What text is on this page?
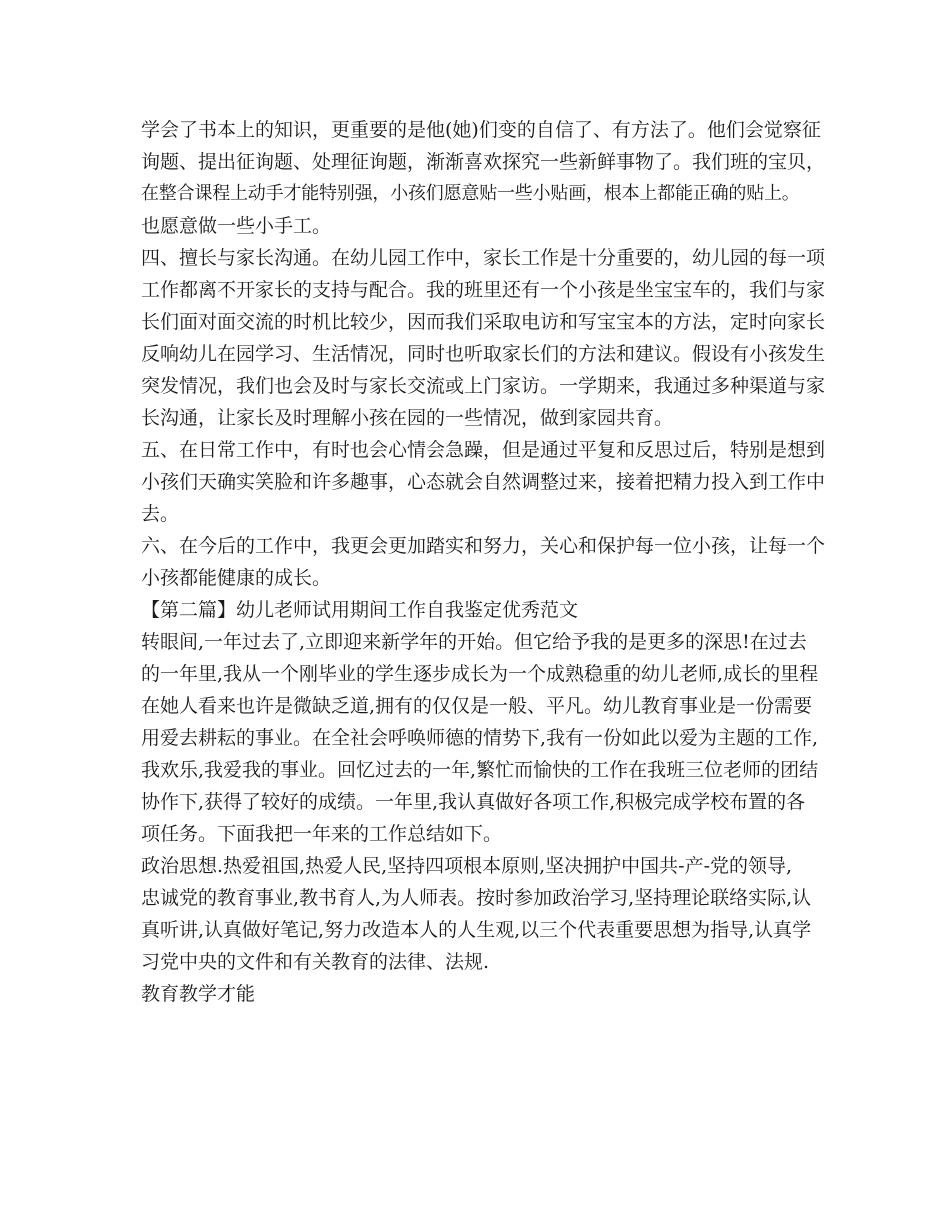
学会了书本上的知识，更重要的是他(她)们变的自信了、有方法了。他们会觉察征
询题、提出征询题、处理征询题，渐渐喜欢探究一些新鲜事物了。我们班的宝贝，
在整合课程上动手才能特别强，小孩们愿意贴一些小贴画，根本上都能正确的贴上。
也愿意做一些小手工。
四、擅长与家长沟通。在幼儿园工作中，家长工作是十分重要的，幼儿园的每一项
工作都离不开家长的支持与配合。我的班里还有一个小孩是坐宝宝车的，我们与家
长们面对面交流的时机比较少，因而我们采取电访和写宝宝本的方法，定时向家长
反响幼儿在园学习、生活情况，同时也听取家长们的方法和建议。假设有小孩发生
突发情况，我们也会及时与家长交流或上门家访。一学期来，我通过多种渠道与家
长沟通，让家长及时理解小孩在园的一些情况，做到家园共育。
五、在日常工作中，有时也会心情会急躁，但是通过平复和反思过后，特别是想到
小孩们天确实笑脸和许多趣事，心态就会自然调整过来，接着把精力投入到工作中
去。
六、在今后的工作中，我更会更加踏实和努力，关心和保护每一位小孩，让每一个
小孩都能健康的成长。
【第二篇】幼儿老师试用期间工作自我鉴定优秀范文
转眼间,一年过去了,立即迎来新学年的开始。但它给予我的是更多的深思!在过去
的一年里,我从一个刚毕业的学生逐步成长为一个成熟稳重的幼儿老师,成长的里程
在她人看来也许是微缺乏道,拥有的仅仅是一般、平凡。幼儿教育事业是一份需要
用爱去耕耘的事业。在全社会呼唤师德的情势下,我有一份如此以爱为主题的工作,
我欢乐,我爱我的事业。回忆过去的一年,繁忙而愉快的工作在我班三位老师的团结
协作下,获得了较好的成绩。一年里,我认真做好各项工作,积极完成学校布置的各
项任务。下面我把一年来的工作总结如下。
政治思想.热爱祖国,热爱人民,坚持四项根本原则,坚决拥护中国共-产-党的领导,
忠诚党的教育事业,教书育人,为人师表。按时参加政治学习,坚持理论联络实际,认
真听讲,认真做好笔记,努力改造本人的人生观,以三个代表重要思想为指导,认真学
习党中央的文件和有关教育的法律、法规.
教育教学才能
